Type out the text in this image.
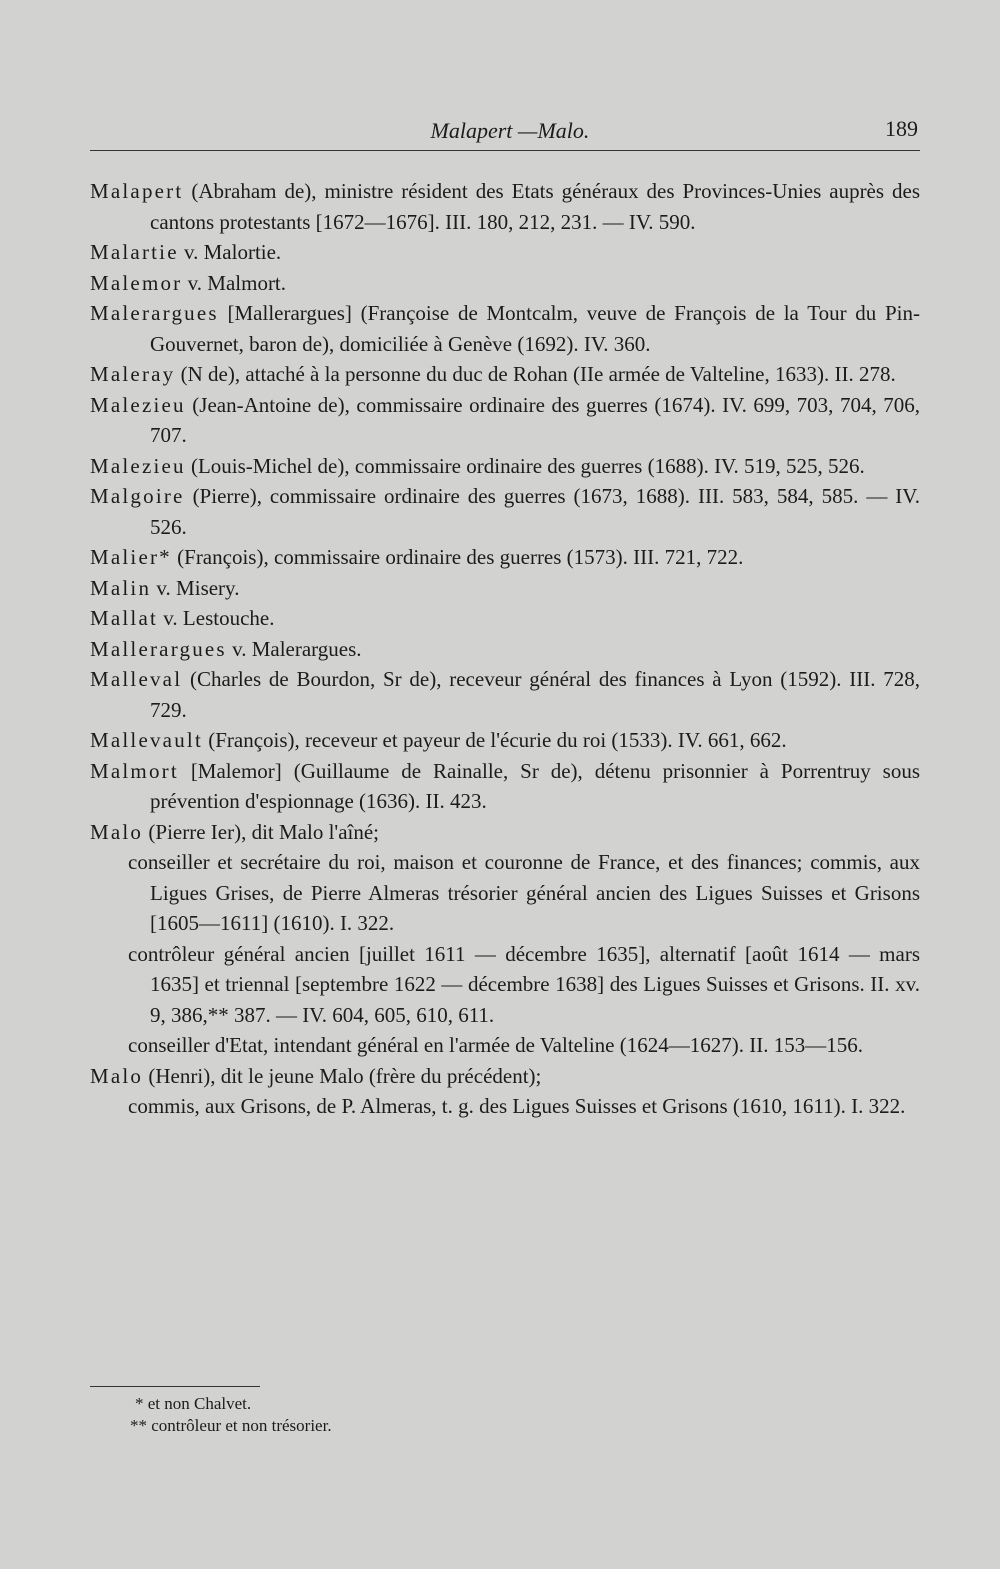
Malapert —Malo.	189

Malapert (Abraham de), ministre résident des Etats généraux des Provinces-Unies auprès des cantons protestants [1672—1676]. III. 180, 212, 231. — IV. 590.

Malartie v. Malortie.

Malemor v. Malmort.

Malerargues [Mallerargues] (Françoise de Montcalm, veuve de François de la Tour du Pin-Gouvernet, baron de), domiciliée à Genève (1692). IV. 360.

Maleray (N de), attaché à la personne du duc de Rohan (IIe armée de Valteline, 1633). II. 278.

Malezieu (Jean-Antoine de), commissaire ordinaire des guerres (1674). IV. 699, 703, 704, 706, 707.

Malezieu (Louis-Michel de), commissaire ordinaire des guerres (1688). IV. 519, 525, 526.

Malgoire (Pierre), commissaire ordinaire des guerres (1673, 1688). III. 583, 584, 585. — IV. 526.

Malier* (François), commissaire ordinaire des guerres (1573). III. 721, 722.

Malin v. Misery.

Mallat v. Lestouche.

Mallerargues v. Malerargues.

Malleval (Charles de Bourdon, Sr de), receveur général des finances à Lyon (1592). III. 728, 729.

Mallevault (François), receveur et payeur de l'écurie du roi (1533). IV. 661, 662.

Malmort [Malemor] (Guillaume de Rainalle, Sr de), détenu prisonnier à Porrentruy sous prévention d'espionnage (1636). II. 423.

Malo (Pierre Ier), dit Malo l'aîné;

conseiller et secrétaire du roi, maison et couronne de France, et des finances; commis, aux Ligues Grises, de Pierre Almeras trésorier général ancien des Ligues Suisses et Grisons [1605—1611] (1610). I. 322.

contrôleur général ancien [juillet 1611 — décembre 1635], alternatif [août 1614 — mars 1635] et triennal [septembre 1622 — décembre 1638] des Ligues Suisses et Grisons. II. xv. 9, 386,** 387. — IV. 604, 605, 610, 611.

conseiller d'Etat, intendant général en l'armée de Valteline (1624—1627). II. 153—156.

Malo (Henri), dit le jeune Malo (frère du précédent);

commis, aux Grisons, de P. Almeras, t. g. des Ligues Suisses et Grisons (1610, 1611). I. 322.

* et non Chalvet.
** contrôleur et non trésorier.
